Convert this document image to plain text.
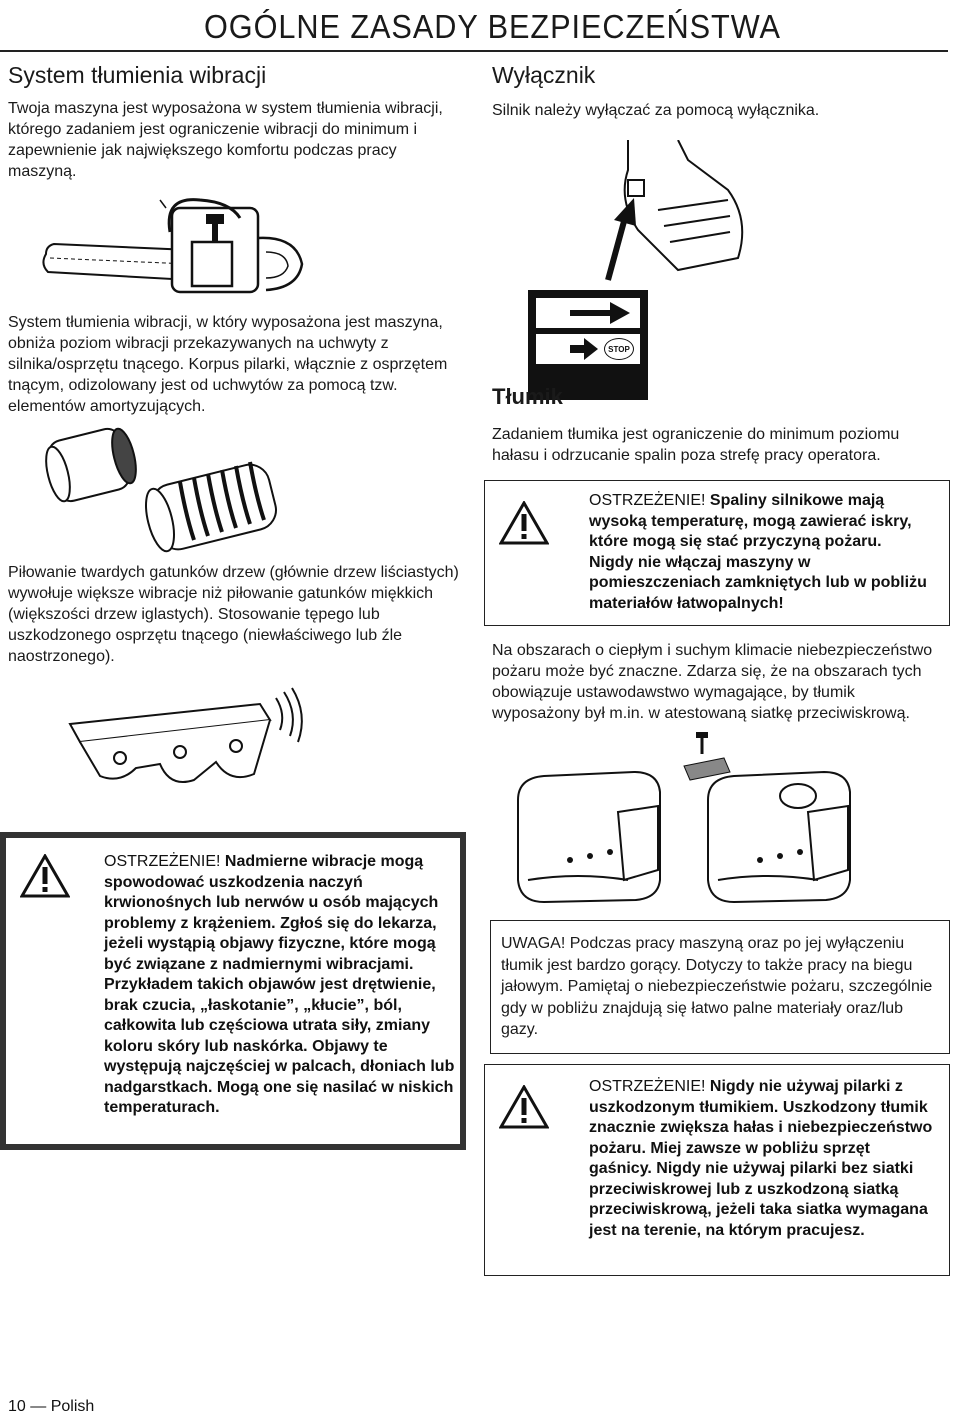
OGÓLNE ZASADY BEZPIECZEŃSTWA
System tłumienia wibracji

Twoja maszyna jest wyposażona w system tłumienia wibracji, którego zadaniem jest ograniczenie wibracji do minimum i zapewnienie jak największego komfortu podczas pracy maszyną.

System tłumienia wibracji, w który wyposażona jest maszyna, obniża poziom wibracji przekazywanych na uchwyty z silnika/osprzętu tnącego. Korpus pilarki, włącznie z osprzętem tnącym, odizolowany jest od uchwytów za pomocą tzw. elementów amortyzujących.

Piłowanie twardych gatunków drzew (głównie drzew liściastych) wywołuje większe wibracje niż piłowanie gatunków miękkich (większości drzew iglastych). Stosowanie tępego lub uszkodzonego osprzętu tnącego (niewłaściwego lub źle naostrzonego).

OSTRZEŻENIE! Nadmierne wibracje mogą spowodować uszkodzenia naczyń krwionośnych lub nerwów u osób mających problemy z krążeniem. Zgłoś się do lekarza, jeżeli wystąpią objawy fizyczne, które mogą być związane z nadmiernymi wibracjami. Przykładem takich objawów jest drętwienie, brak czucia, „łaskotanie”, „kłucie”, ból, całkowita lub częściowa utrata siły, zmiany koloru skóry lub naskórka. Objawy te występują najczęściej w palcach, dłoniach lub nadgarstkach. Mogą one się nasilać w niskich temperaturach.

Wyłącznik

Silnik należy wyłączać za pomocą wyłącznika.

STOP
Tłumik

Zadaniem tłumika jest ograniczenie do minimum poziomu hałasu i odrzucanie spalin poza strefę pracy operatora.

OSTRZEŻENIE! Spaliny silnikowe mają wysoką temperaturę, mogą zawierać iskry, które mogą się stać przyczyną pożaru. Nigdy nie włączaj maszyny w pomieszczeniach zamkniętych lub w pobliżu materiałów łatwopalnych!

Na obszarach o ciepłym i suchym klimacie niebezpieczeństwo pożaru może być znaczne. Zdarza się, że na obszarach tych obowiązuje ustawodawstwo wymagające, by tłumik wyposażony był m.in. w atestowaną siatkę przeciwiskrową.

UWAGA! Podczas pracy maszyną oraz po jej wyłączeniu tłumik jest bardzo gorący. Dotyczy to także pracy na biegu jałowym. Pamiętaj o niebezpieczeństwie pożaru, szczególnie gdy w pobliżu znajdują się łatwo palne materiały oraz/lub gazy.

OSTRZEŻENIE! Nigdy nie używaj pilarki z uszkodzonym tłumikiem. Uszkodzony tłumik znacznie zwiększa hałas i niebezpieczeństwo pożaru. Miej zawsze w pobliżu sprzęt gaśnicy. Nigdy nie używaj pilarki bez siatki przeciwiskrowej lub z uszkodzoną siatką przeciwiskrową, jeżeli taka siatka wymagana jest na terenie, na którym pracujesz.

10 — Polish
